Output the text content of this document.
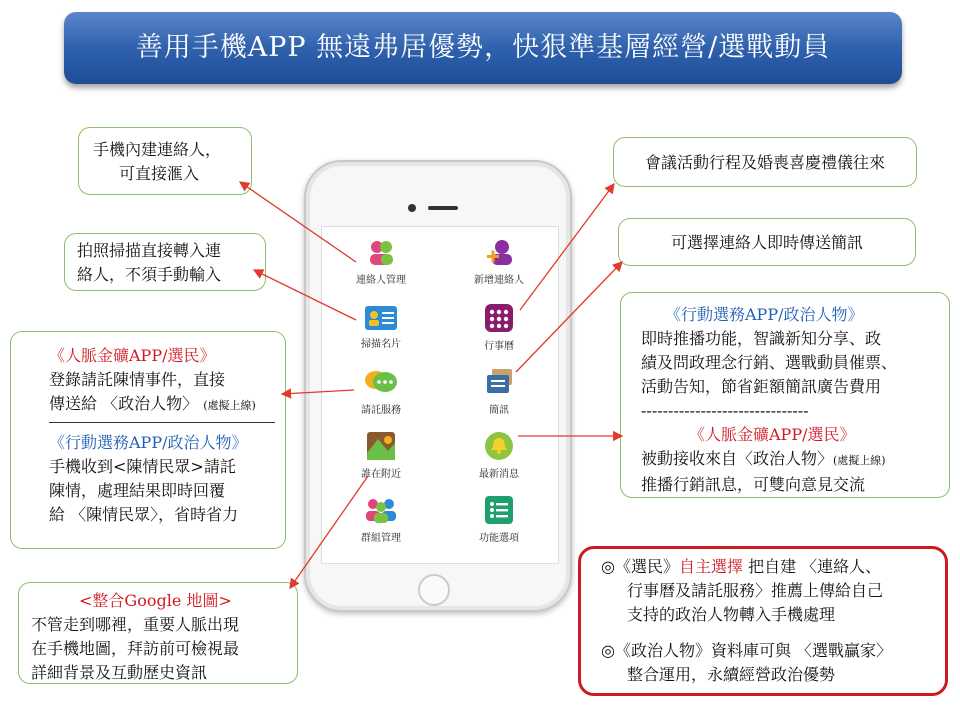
善用手機APP 無遠弗居優勢，快狠準基層經營/選戰動員
手機內建連絡人，
可直接滙入
拍照掃描直接轉入連
絡人，不須手動輸入
《人脈金礦APP/選民》
登錄請託陳情事件，直接
傳送給 〈政治人物〉 (處擬上線)
《行動選務APP/政治人物》
手機收到<陳情民眾>請託
陳情，處理結果即時回覆
給 〈陳情民眾〉，省時省力
<整合Google 地圖>
不管走到哪裡，重要人脈出現
在手機地圖，拜訪前可檢視最
詳細背景及互動歷史資訊
會議活動行程及婚喪喜慶禮儀往來
可選擇連絡人即時傳送簡訊
《行動選務APP/政治人物》
即時推播功能，智識新知分享、政
績及問政理念行銷、選戰動員催票、
活動告知，節省鉅額簡訊廣告費用
-------------------------------
《人脈金礦APP/選民》
被動接收來自〈政治人物〉(處擬上線)
推播行銷訊息，可雙向意見交流
◎《選民》自主選擇 把自建 〈連絡人、
行事曆及請託服務〉推薦上傳給自己
支持的政治人物轉入手機處理
◎《政治人物》資料庫可與 〈選戰贏家〉
整合運用，永續經營政治優勢
連絡人管理	新增連絡人
掃描名片	行事曆
請託服務	簡訊
誰在附近	最新消息
群組管理	功能選項
